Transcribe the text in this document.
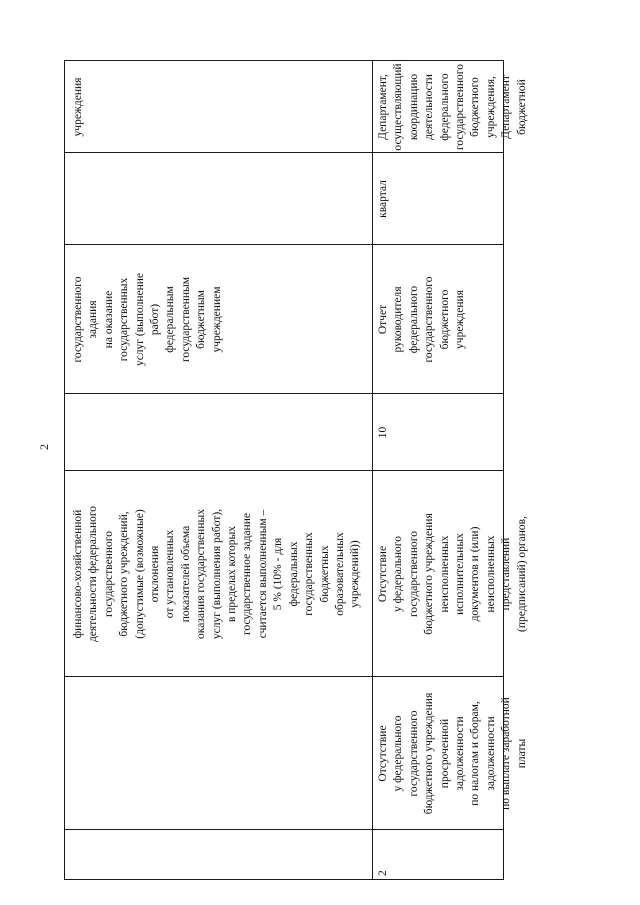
2
финансово-хозяйственной
деятельности федерального
государственного
бюджетного учреждений,
(допустимые (возможные)
отклонения
от установленных
показателей объема
оказания государственных
услуг (выполнения работ),
в пределах которых
государственное задание
считается выполненным –
5 % (10% - для
федеральных
государственных
бюджетных
образовательных
учреждений))
государственного
задания
на оказание
государственных
услуг (выполнение
работ)
федеральным
государственным
бюджетным
учреждением
учреждения
2
Отсутствие
у федерального
государственного
бюджетного учреждения
просроченной
задолженности
по налогам и сборам,
задолженности
по выплате заработной
платы
Отсутствие
у федерального
государственного
бюджетного учреждения
неисполненных
исполнительных
документов и (или)
неисполненных
представлений
(предписаний) органов,
10
Отчет
руководителя
федерального
государственного
бюджетного
учреждения
квартал
Департамент,
осуществляющий
координацию
деятельности
федерального
государственного
бюджетного
учреждения,
Департамент
бюджетной
